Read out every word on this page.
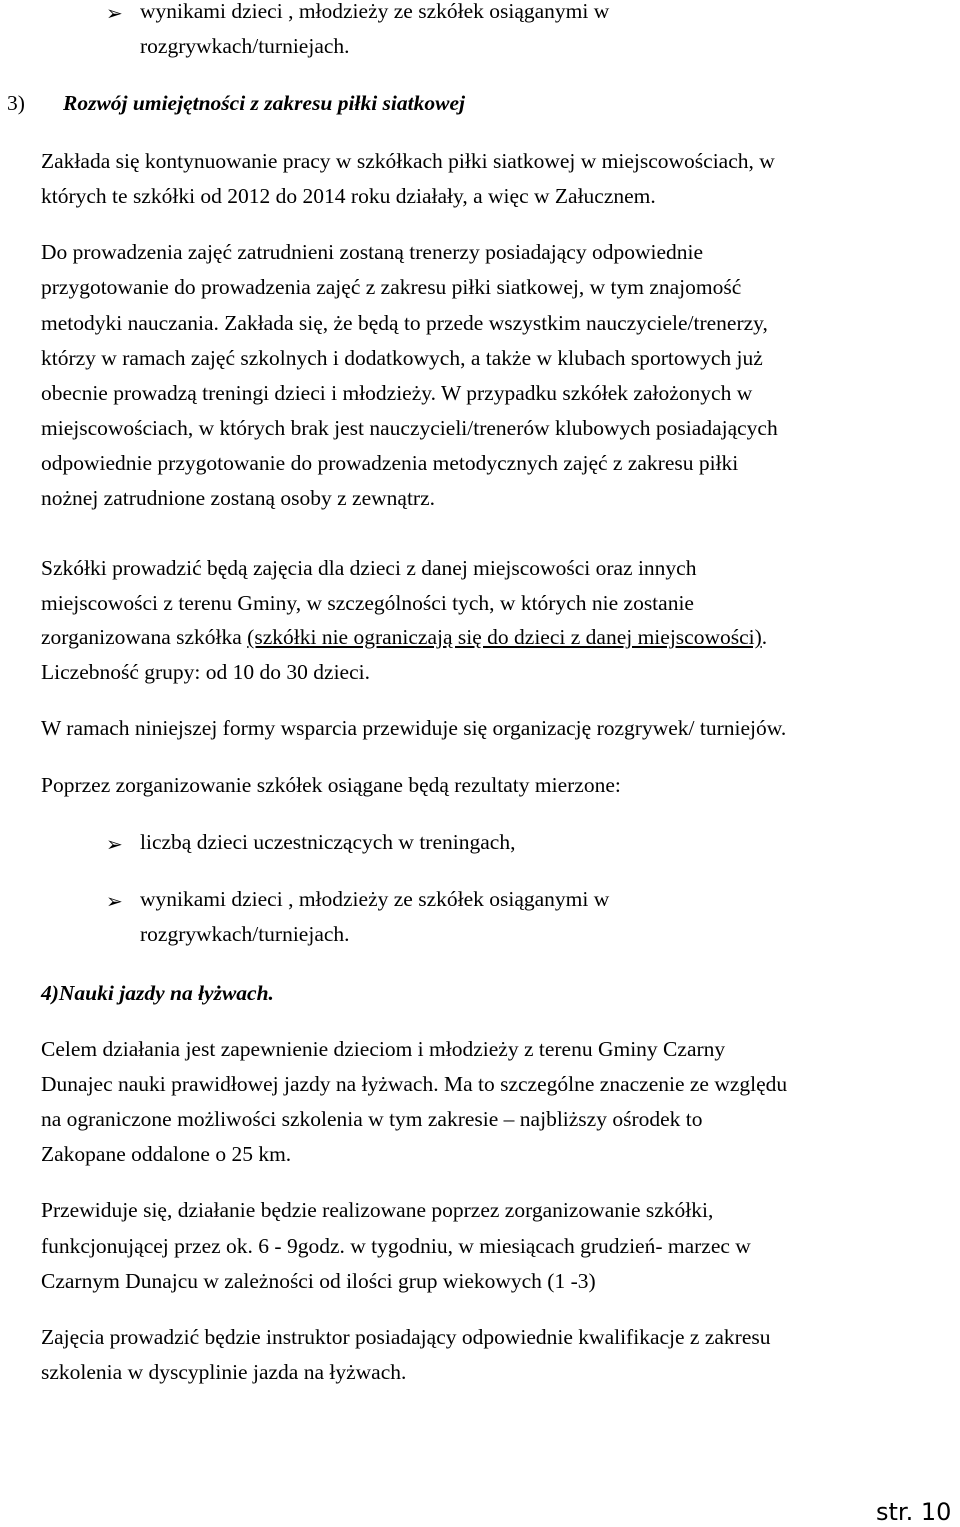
➢ wynikami dzieci , młodzieży ze szkółek osiąganymi w
rozgrywkach/turniejach.
3) Rozwój umiejętności z zakresu piłki siatkowej
Zakłada się kontynuowanie pracy w szkółkach piłki siatkowej w miejscowościach, w
których te szkółki od 2012 do 2014 roku działały, a więc w Załucznem.
Do prowadzenia zajęć zatrudnieni zostaną trenerzy posiadający odpowiednie
przygotowanie do prowadzenia zajęć z zakresu piłki siatkowej, w tym znajomość
metodyki nauczania. Zakłada się, że będą to przede wszystkim nauczyciele/trenerzy,
którzy w ramach zajęć szkolnych i dodatkowych, a także w klubach sportowych już
obecnie prowadzą treningi dzieci i młodzieży. W przypadku szkółek założonych w
miejscowościach, w których brak jest nauczycieli/trenerów klubowych posiadających
odpowiednie przygotowanie do prowadzenia metodycznych zajęć z zakresu piłki
nożnej zatrudnione zostaną osoby z zewnątrz.
Szkółki prowadzić będą zajęcia dla dzieci z danej miejscowości oraz innych
miejscowości z terenu Gminy, w szczególności tych, w których nie zostanie
zorganizowana szkółka (szkółki nie ograniczają się do dzieci z danej miejscowości).
Liczebność grupy: od 10 do 30 dzieci.
W ramach niniejszej formy wsparcia przewiduje się organizację rozgrywek/ turniejów.
Poprzez zorganizowanie szkółek osiągane będą rezultaty mierzone:
➢ liczbą dzieci uczestniczących w treningach,
➢ wynikami dzieci , młodzieży ze szkółek osiąganymi w
rozgrywkach/turniejach.
4)Nauki jazdy na łyżwach.
Celem działania jest zapewnienie dzieciom i młodzieży z terenu Gminy Czarny
Dunajec nauki prawidłowej jazdy na łyżwach. Ma to szczególne znaczenie ze względu
na ograniczone możliwości szkolenia w tym zakresie – najbliższy ośrodek to
Zakopane oddalone o 25 km.
Przewiduje się, działanie będzie realizowane poprzez zorganizowanie szkółki,
funkcjonującej przez ok. 6 - 9godz. w tygodniu, w miesiącach grudzień- marzec w
Czarnym Dunajcu w zależności od ilości grup wiekowych (1 -3)
Zajęcia prowadzić będzie instruktor posiadający odpowiednie kwalifikacje z zakresu
szkolenia w dyscyplinie jazda na łyżwach.
str. 10
